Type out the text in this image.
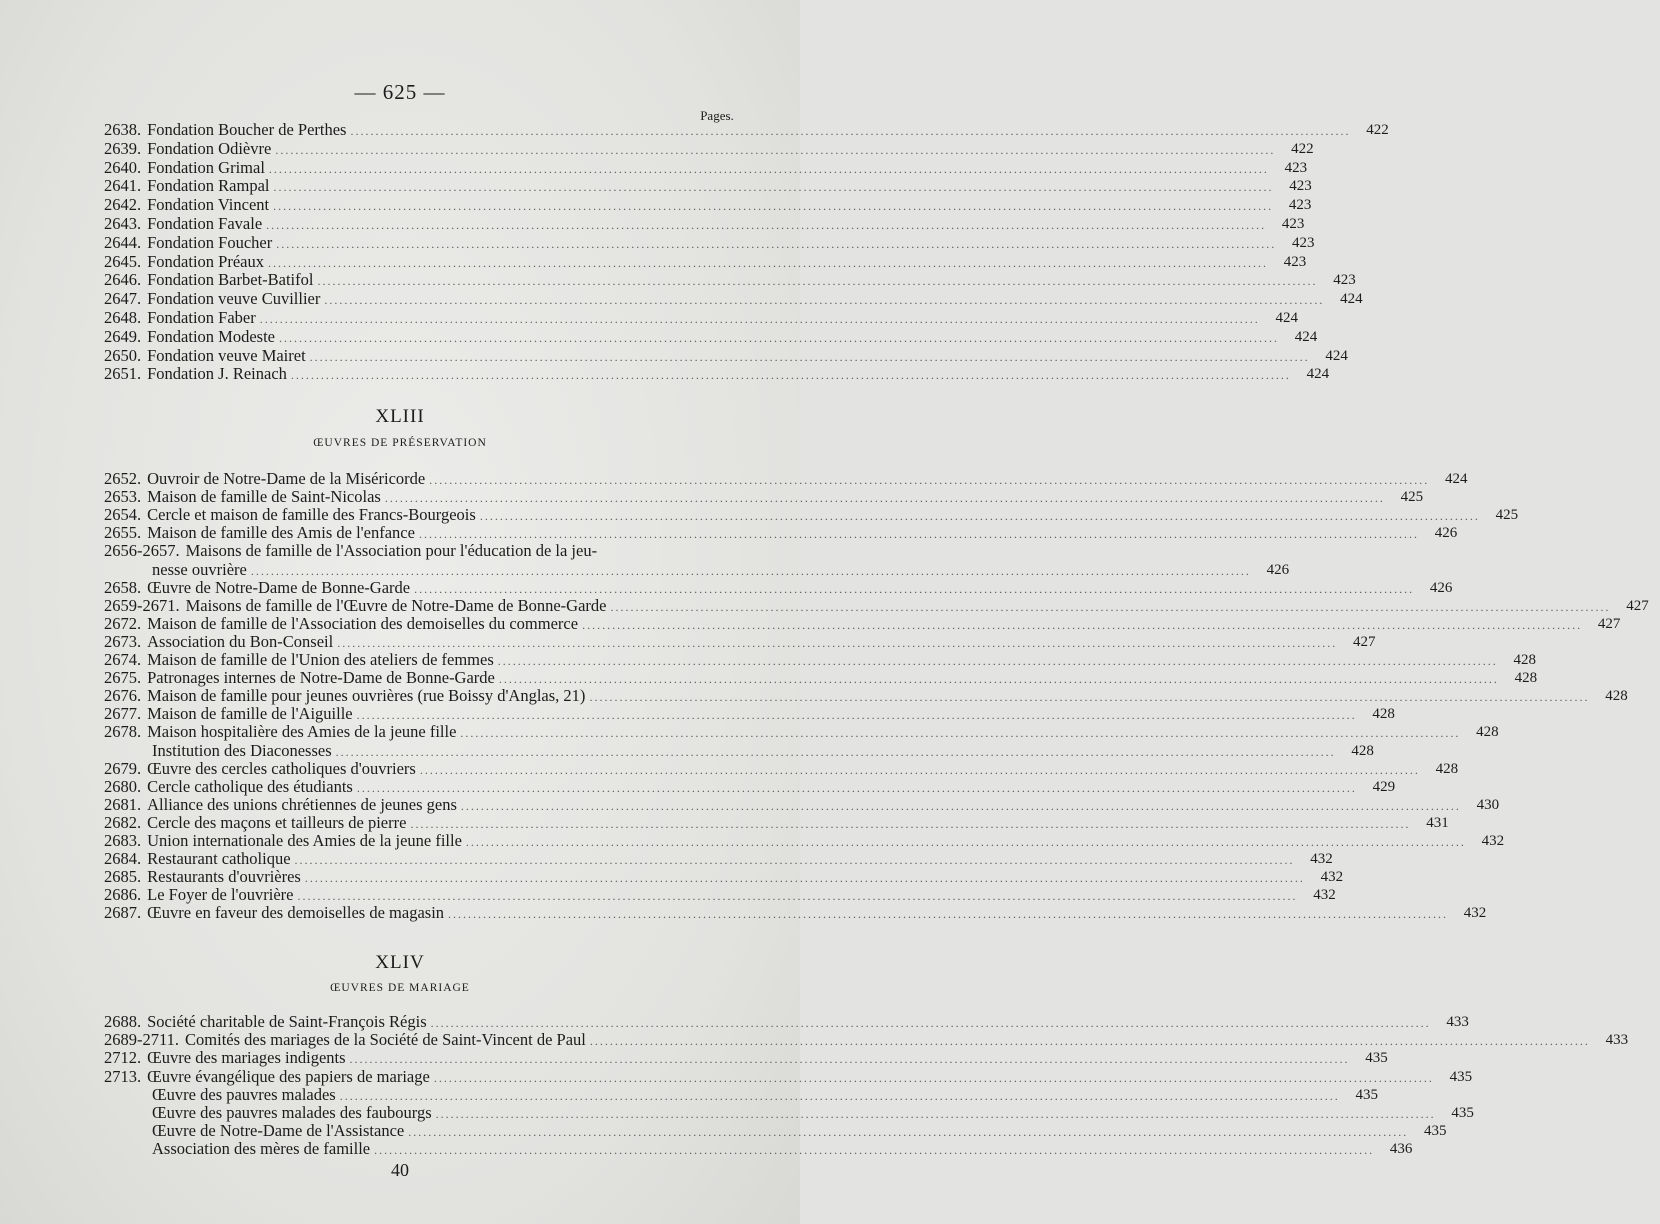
— 625 —
Pages.
2638. Fondation Boucher de Perthes ........................................................................................................................................................................................................	422
2639. Fondation Odièvre ........................................................................................................................................................................................................	422
2640. Fondation Grimal ........................................................................................................................................................................................................	423
2641. Fondation Rampal ........................................................................................................................................................................................................	423
2642. Fondation Vincent ........................................................................................................................................................................................................	423
2643. Fondation Favale ........................................................................................................................................................................................................	423
2644. Fondation Foucher ........................................................................................................................................................................................................	423
2645. Fondation Préaux ........................................................................................................................................................................................................	423
2646. Fondation Barbet-Batifol ........................................................................................................................................................................................................	423
2647. Fondation veuve Cuvillier ........................................................................................................................................................................................................	424
2648. Fondation Faber ........................................................................................................................................................................................................	424
2649. Fondation Modeste ........................................................................................................................................................................................................	424
2650. Fondation veuve Mairet ........................................................................................................................................................................................................	424
2651. Fondation J. Reinach ........................................................................................................................................................................................................	424
XLIII
ŒUVRES DE PRÉSERVATION
2652. Ouvroir de Notre-Dame de la Miséricorde ........................................................................................................................................................................................................	424
2653. Maison de famille de Saint-Nicolas ........................................................................................................................................................................................................	425
2654. Cercle et maison de famille des Francs-Bourgeois ........................................................................................................................................................................................................	425
2655. Maison de famille des Amis de l'enfance ........................................................................................................................................................................................................	426
2656-2657. Maisons de famille de l'Association pour l'éducation de la jeu-
nesse ouvrière ........................................................................................................................................................................................................	426
2658. Œuvre de Notre-Dame de Bonne-Garde ........................................................................................................................................................................................................	426
2659-2671. Maisons de famille de l'Œuvre de Notre-Dame de Bonne-Garde ........................................................................................................................................................................................................	427
2672. Maison de famille de l'Association des demoiselles du commerce ........................................................................................................................................................................................................	427
2673. Association du Bon-Conseil ........................................................................................................................................................................................................	427
2674. Maison de famille de l'Union des ateliers de femmes ........................................................................................................................................................................................................	428
2675. Patronages internes de Notre-Dame de Bonne-Garde ........................................................................................................................................................................................................	428
2676. Maison de famille pour jeunes ouvrières (rue Boissy d'Anglas, 21) ........................................................................................................................................................................................................	428
2677. Maison de famille de l'Aiguille ........................................................................................................................................................................................................	428
2678. Maison hospitalière des Amies de la jeune fille ........................................................................................................................................................................................................	428
Institution des Diaconesses ........................................................................................................................................................................................................	428
2679. Œuvre des cercles catholiques d'ouvriers ........................................................................................................................................................................................................	428
2680. Cercle catholique des étudiants ........................................................................................................................................................................................................	429
2681. Alliance des unions chrétiennes de jeunes gens ........................................................................................................................................................................................................	430
2682. Cercle des maçons et tailleurs de pierre ........................................................................................................................................................................................................	431
2683. Union internationale des Amies de la jeune fille ........................................................................................................................................................................................................	432
2684. Restaurant catholique ........................................................................................................................................................................................................	432
2685. Restaurants d'ouvrières ........................................................................................................................................................................................................	432
2686. Le Foyer de l'ouvrière ........................................................................................................................................................................................................	432
2687. Œuvre en faveur des demoiselles de magasin ........................................................................................................................................................................................................	432
XLIV
ŒUVRES DE MARIAGE
2688. Société charitable de Saint-François Régis ........................................................................................................................................................................................................	433
2689-2711. Comités des mariages de la Société de Saint-Vincent de Paul ........................................................................................................................................................................................................	433
2712. Œuvre des mariages indigents ........................................................................................................................................................................................................	435
2713. Œuvre évangélique des papiers de mariage ........................................................................................................................................................................................................	435
Œuvre des pauvres malades ........................................................................................................................................................................................................	435
Œuvre des pauvres malades des faubourgs ........................................................................................................................................................................................................	435
Œuvre de Notre-Dame de l'Assistance ........................................................................................................................................................................................................	435
Association des mères de famille ........................................................................................................................................................................................................	436
40
